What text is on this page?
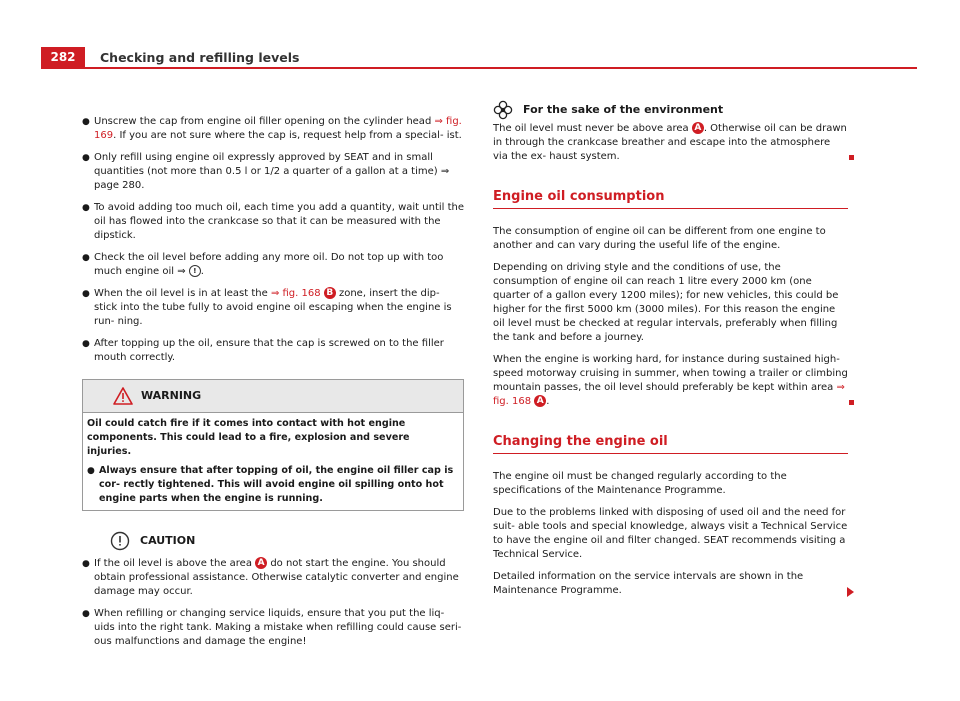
282	Checking and refilling levels
● Unscrew the cap from engine oil filler opening on the cylinder head ⇒ fig. 169. If you are not sure where the cap is, request help from a special- ist.
● Only refill using engine oil expressly approved by SEAT and in small quantities (not more than 0.5 l or 1/2 a quarter of a gallon at a time) ⇒ page 280.
● To avoid adding too much oil, each time you add a quantity, wait until the oil has flowed into the crankcase so that it can be measured with the dipstick.
● Check the oil level before adding any more oil. Do not top up with too much engine oil ⇒ ! .
● When the oil level is in at least the ⇒ fig. 168 B zone, insert the dip- stick into the tube fully to avoid engine oil escaping when the engine is run- ning.
● After topping up the oil, ensure that the cap is screwed on to the filler mouth correctly.
WARNING

Oil could catch fire if it comes into contact with hot engine components. This could lead to a fire, explosion and severe injuries.

● Always ensure that after topping of oil, the engine oil filler cap is cor- rectly tightened. This will avoid engine oil spilling onto hot engine parts when the engine is running.
CAUTION
● If the oil level is above the area A do not start the engine. You should obtain professional assistance. Otherwise catalytic converter and engine damage may occur.
● When refilling or changing service liquids, ensure that you put the liq- uids into the right tank. Making a mistake when refilling could cause seri- ous malfunctions and damage the engine!
For the sake of the environment

The oil level must never be above area A . Otherwise oil can be drawn in through the crankcase breather and escape into the atmosphere via the ex- haust system.

Engine oil consumption

The consumption of engine oil can be different from one engine to another and can vary during the useful life of the engine.

Depending on driving style and the conditions of use, the consumption of engine oil can reach 1 litre every 2000 km (one quarter of a gallon every 1200 miles); for new vehicles, this could be higher for the first 5000 km (3000 miles). For this reason the engine oil level must be checked at regular intervals, preferably when filling the tank and before a journey.

When the engine is working hard, for instance during sustained high-speed motorway cruising in summer, when towing a trailer or climbing mountain passes, the oil level should preferably be kept within area ⇒ fig. 168 A .

Changing the engine oil

The engine oil must be changed regularly according to the specifications of the Maintenance Programme.

Due to the problems linked with disposing of used oil and the need for suit- able tools and special knowledge, always visit a Technical Service to have the engine oil and filter changed. SEAT recommends visiting a Technical Service.

Detailed information on the service intervals are shown in the Maintenance Programme.
